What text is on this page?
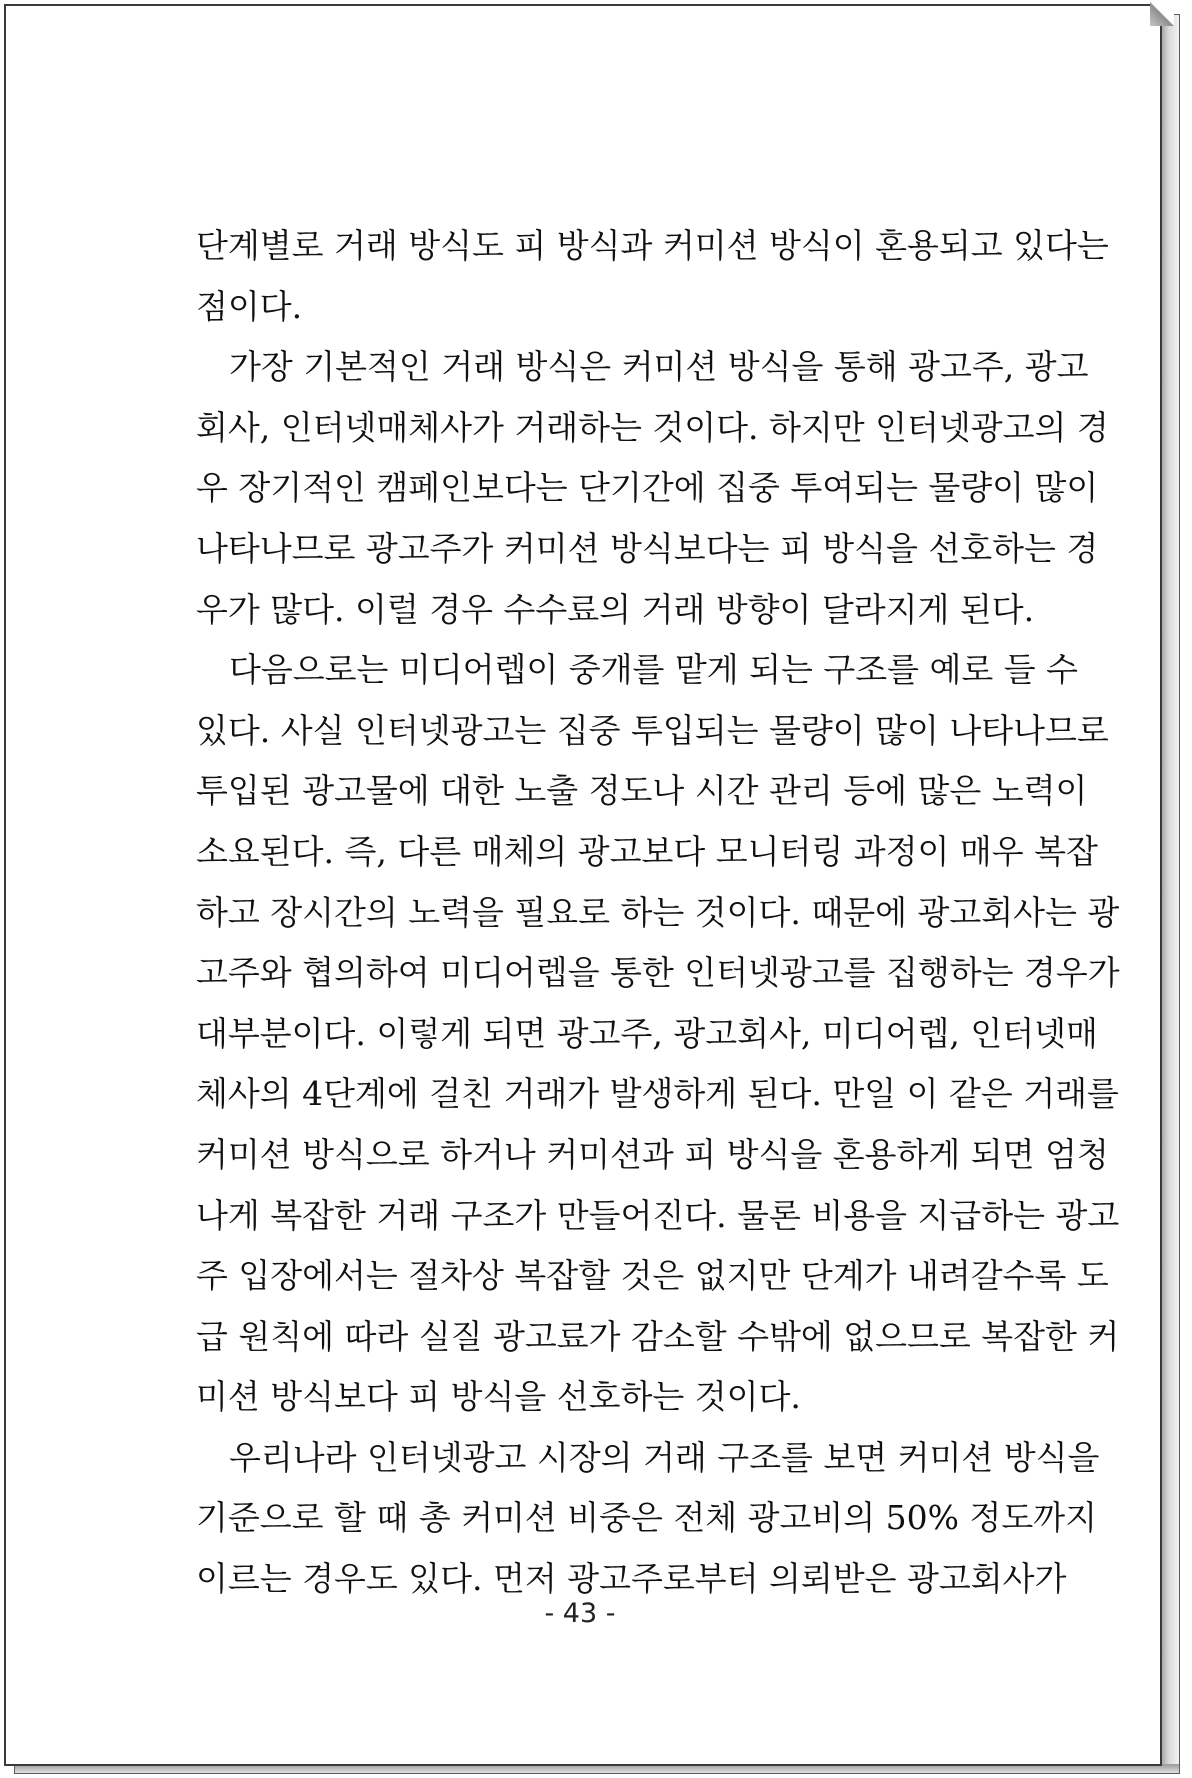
단계별로 거래 방식도 피 방식과 커미션 방식이 혼용되고 있다는
점이다.
　가장 기본적인 거래 방식은 커미션 방식을 통해 광고주, 광고
회사, 인터넷매체사가 거래하는 것이다. 하지만 인터넷광고의 경
우 장기적인 캠페인보다는 단기간에 집중 투여되는 물량이 많이
나타나므로 광고주가 커미션 방식보다는 피 방식을 선호하는 경
우가 많다. 이럴 경우 수수료의 거래 방향이 달라지게 된다.
　다음으로는 미디어렙이 중개를 맡게 되는 구조를 예로 들 수
있다. 사실 인터넷광고는 집중 투입되는 물량이 많이 나타나므로
투입된 광고물에 대한 노출 정도나 시간 관리 등에 많은 노력이
소요된다. 즉, 다른 매체의 광고보다 모니터링 과정이 매우 복잡
하고 장시간의 노력을 필요로 하는 것이다. 때문에 광고회사는 광
고주와 협의하여 미디어렙을 통한 인터넷광고를 집행하는 경우가
대부분이다. 이렇게 되면 광고주, 광고회사, 미디어렙, 인터넷매
체사의 4단계에 걸친 거래가 발생하게 된다. 만일 이 같은 거래를
커미션 방식으로 하거나 커미션과 피 방식을 혼용하게 되면 엄청
나게 복잡한 거래 구조가 만들어진다. 물론 비용을 지급하는 광고
주 입장에서는 절차상 복잡할 것은 없지만 단계가 내려갈수록 도
급 원칙에 따라 실질 광고료가 감소할 수밖에 없으므로 복잡한 커
미션 방식보다 피 방식을 선호하는 것이다.
　우리나라 인터넷광고 시장의 거래 구조를 보면 커미션 방식을
기준으로 할 때 총 커미션 비중은 전체 광고비의 50% 정도까지
이르는 경우도 있다. 먼저 광고주로부터 의뢰받은 광고회사가
- 43 -
